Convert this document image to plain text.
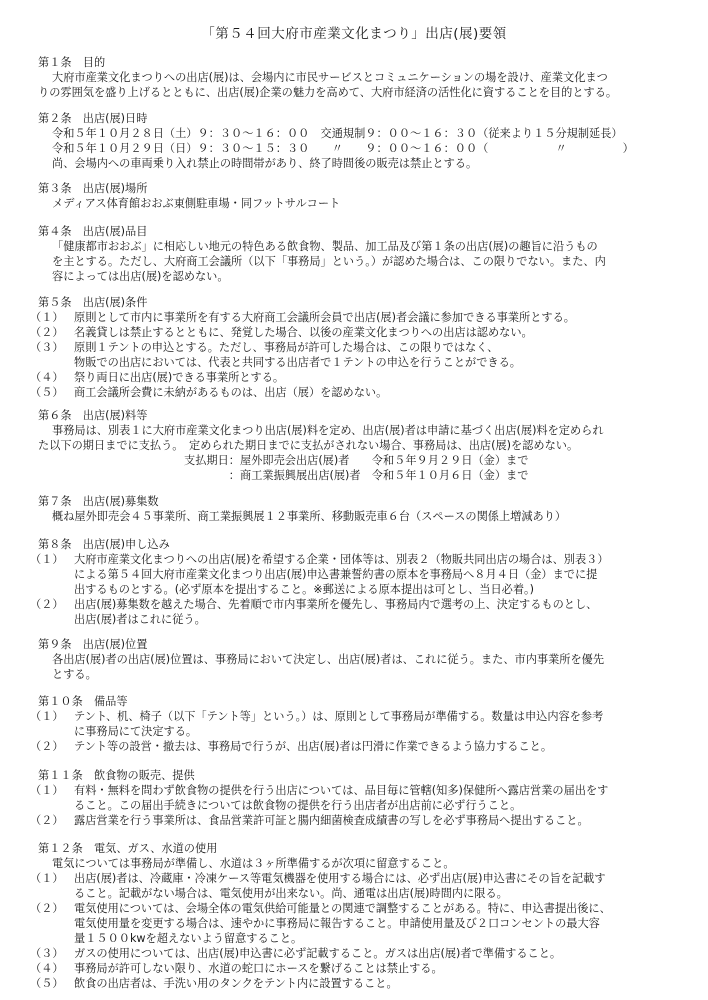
「第５４回大府市産業文化まつり」出店(展)要領
第１条　目的
大府市産業文化まつりへの出店(展)は、会場内に市民サービスとコミュニケーションの場を設け、産業文化まつ
りの雰囲気を盛り上げるとともに、出店(展)企業の魅力を高めて、大府市経済の活性化に資することを目的とする。
第２条　出店(展)日時
令和５年１０月２８日（土）９：３０～１６：００　交通規制９：００～１６：３０（従来より１５分規制延長）
令和５年１０月２９日（日）９：３０～１５：３０　　〃　　９：００～１６：００（　　　　　　〃　　　　　）
尚、会場内への車両乗り入れ禁止の時間帯があり、終了時間後の販売は禁止とする。
第３条　出店(展)場所
メディアス体育館おおぶ東側駐車場・同フットサルコート
第４条　出店(展)品目
「健康都市おおぶ」に相応しい地元の特色ある飲食物、製品、加工品及び第１条の出店(展)の趣旨に沿うもの
を主とする。ただし、大府商工会議所（以下「事務局」という。）が認めた場合は、この限りでない。また、内
容によっては出店(展)を認めない。
第５条　出店(展)条件
（１） 原則として市内に事業所を有する大府商工会議所会員で出店(展)者会議に参加できる事業所とする。
（２） 名義貸しは禁止するとともに、発覚した場合、以後の産業文化まつりへの出店は認めない。
（３） 原則１テントの申込とする。ただし、事務局が許可した場合は、この限りではなく、
物販での出店においては、代表と共同する出店者で１テントの申込を行うことができる。
（４） 祭り両日に出店(展)できる事業所とする。
（５） 商工会議所会費に未納があるものは、出店（展）を認めない。
第６条　出店(展)料等
事務局は、別表１に大府市産業文化まつり出店(展)料を定め、出店(展)者は申請に基づく出店(展)料を定められ
た以下の期日までに支払う。　定められた期日までに支払がされない場合、事務局は、出店(展)を認めない。
支払期日： 屋外即売会出店(展)者　　令和５年９月２９日（金）まで
： 商工業振興展出店(展)者　令和５年１０月６日（金）まで
第７条　出店(展)募集数
概ね屋外即売会４５事業所、商工業振興展１２事業所、移動販売車６台（スペースの関係上増減あり）
第８条　出店(展)申し込み
（１） 大府市産業文化まつりへの出店(展)を希望する企業・団体等は、別表２（物販共同出店の場合は、別表３）
による第５４回大府市産業文化まつり出店(展)申込書兼誓約書の原本を事務局へ８月４日（金）までに提
出するものとする。(必ず原本を提出すること。※郵送による原本提出は可とし、当日必着。)
（２） 出店(展)募集数を越えた場合、先着順で市内事業所を優先し、事務局内で選考の上、決定するものとし、
出店(展)者はこれに従う。
第９条　出店(展)位置
各出店(展)者の出店(展)位置は、事務局において決定し、出店(展)者は、これに従う。また、市内事業所を優先
とする。
第１０条　備品等
（１） テント、机、椅子（以下「テント等」という。）は、原則として事務局が準備する。数量は申込内容を参考
に事務局にて決定する。
（２） テント等の設営・撤去は、事務局で行うが、出店(展)者は円滑に作業できるよう協力すること。
第１１条　飲食物の販売、提供
（１） 有料・無料を問わず飲食物の提供を行う出店については、品目毎に管轄(知多)保健所へ露店営業の届出をす
ること。この届出手続きについては飲食物の提供を行う出店者が出店前に必ず行うこと。
（２） 露店営業を行う事業所は、食品営業許可証と腸内細菌検査成績書の写しを必ず事務局へ提出すること。
第１２条　電気、ガス、水道の使用
電気については事務局が準備し、水道は３ヶ所準備するが次項に留意すること。
（１） 出店(展)者は、冷蔵庫・冷凍ケース等電気機器を使用する場合には、必ず出店(展)申込書にその旨を記載す
ること。記載がない場合は、電気使用が出来ない。尚、通電は出店(展)時間内に限る。
（２） 電気使用については、会場全体の電気供給可能量との関連で調整することがある。特に、申込書提出後に、
電気使用量を変更する場合は、速やかに事務局に報告すること。申請使用量及び２口コンセントの最大容
量１５００kwを超えないよう留意すること。
（３） ガスの使用については、出店(展)申込書に必ず記載すること。ガスは出店(展)者で準備すること。
（４） 事務局が許可しない限り、水道の蛇口にホースを繋げることは禁止する。
（５） 飲食の出店者は、手洗い用のタンクをテント内に設置すること。
